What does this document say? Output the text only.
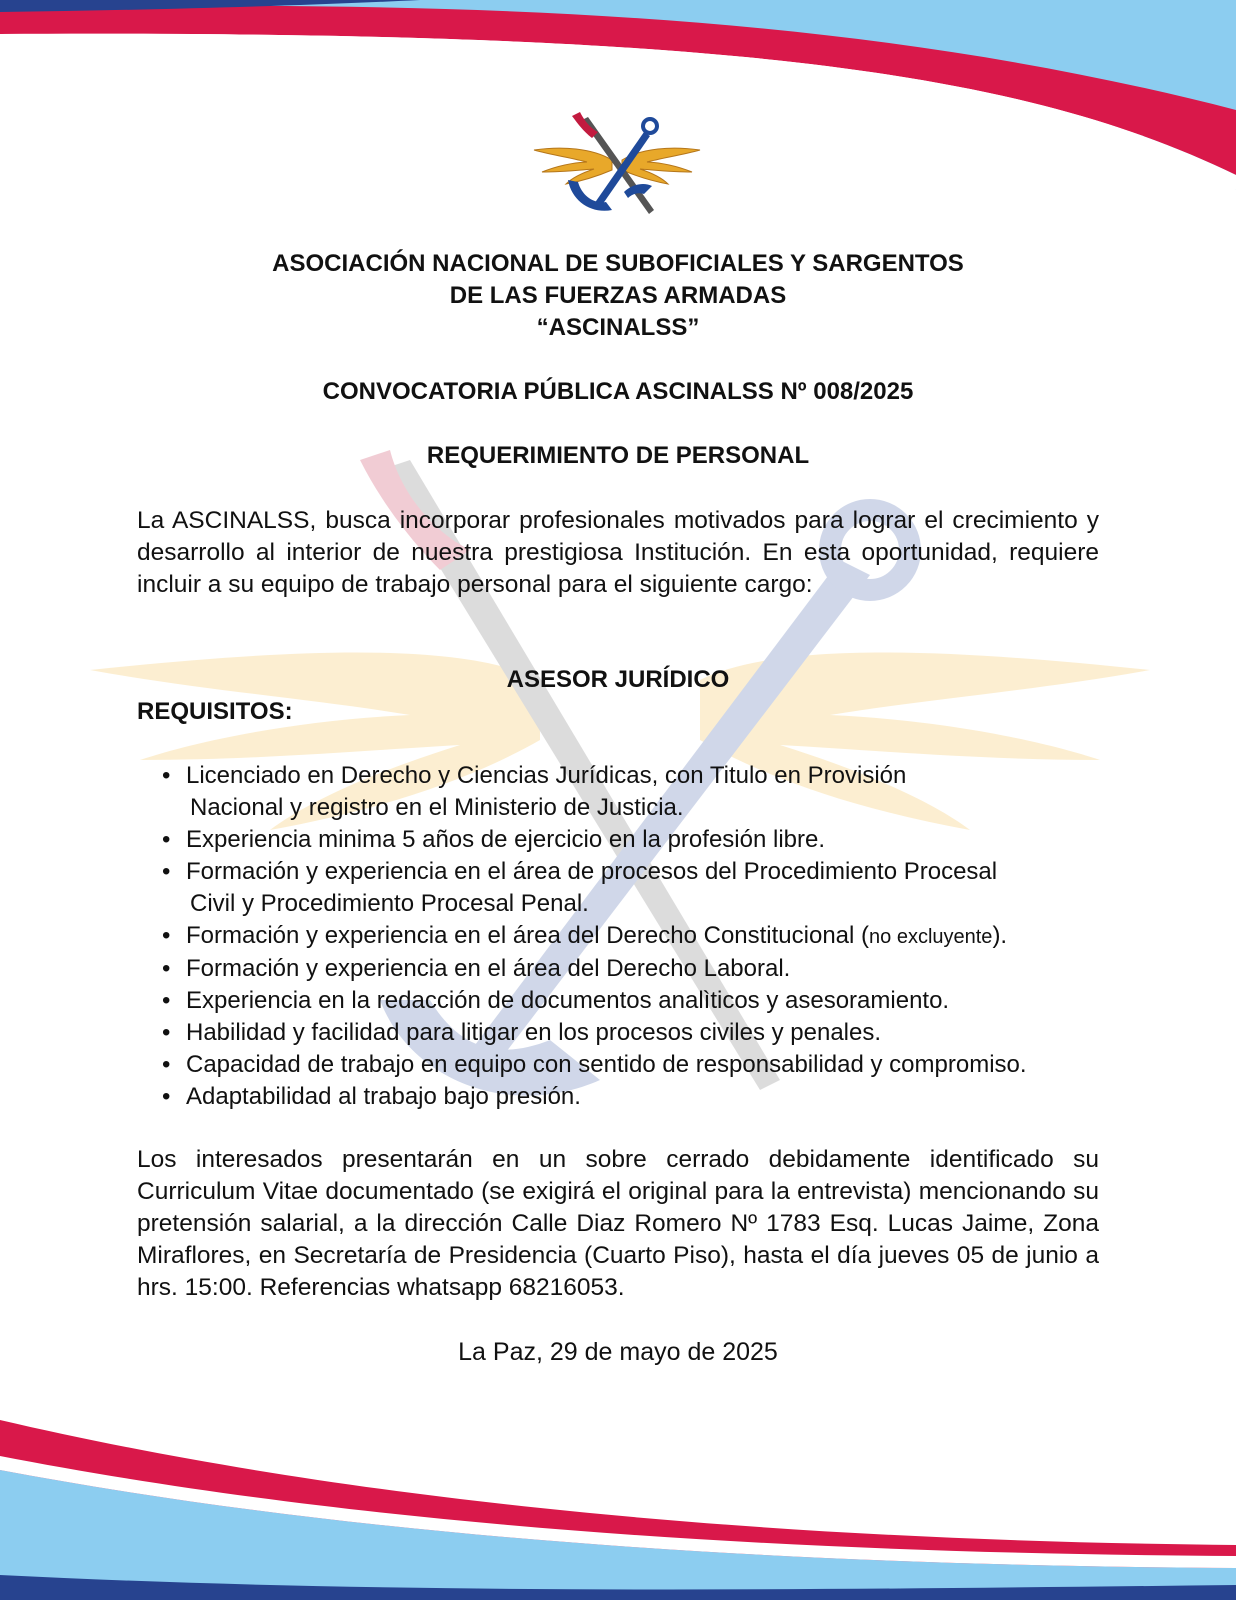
ASOCIACIÓN NACIONAL DE SUBOFICIALES Y SARGENTOS
DE LAS FUERZAS ARMADAS
“ASCINALSS”
CONVOCATORIA PÚBLICA ASCINALSS Nº 008/2025
REQUERIMIENTO DE PERSONAL
La ASCINALSS, busca incorporar profesionales motivados para lograr el crecimiento y desarrollo al interior de nuestra prestigiosa Institución. En esta oportunidad, requiere incluir a su equipo de trabajo personal para el siguiente cargo:
ASESOR JURÍDICO
REQUISITOS:
• Licenciado en Derecho y Ciencias Jurídicas, con Titulo en Provisión
Nacional y registro en el Ministerio de Justicia.
• Experiencia minima 5 años de ejercicio en la profesión libre.
• Formación y experiencia en el área de procesos del Procedimiento Procesal
Civil y Procedimiento Procesal Penal.
• Formación y experiencia en el área del Derecho Constitucional (no excluyente).
• Formación y experiencia en el área del Derecho Laboral.
• Experiencia en la redacción de documentos analìticos y asesoramiento.
• Habilidad y facilidad para litigar en los procesos civiles y penales.
• Capacidad de trabajo en equipo con sentido de responsabilidad y compromiso.
• Adaptabilidad al trabajo bajo presión.
Los interesados presentarán en un sobre cerrado debidamente identificado su Curriculum Vitae documentado (se exigirá el original para la entrevista) mencionando su pretensión salarial, a la dirección Calle Diaz Romero Nº 1783 Esq. Lucas Jaime, Zona Miraflores, en Secretaría de Presidencia (Cuarto Piso), hasta el día jueves 05 de junio a hrs. 15:00. Referencias whatsapp 68216053.
La Paz, 29 de mayo de 2025
